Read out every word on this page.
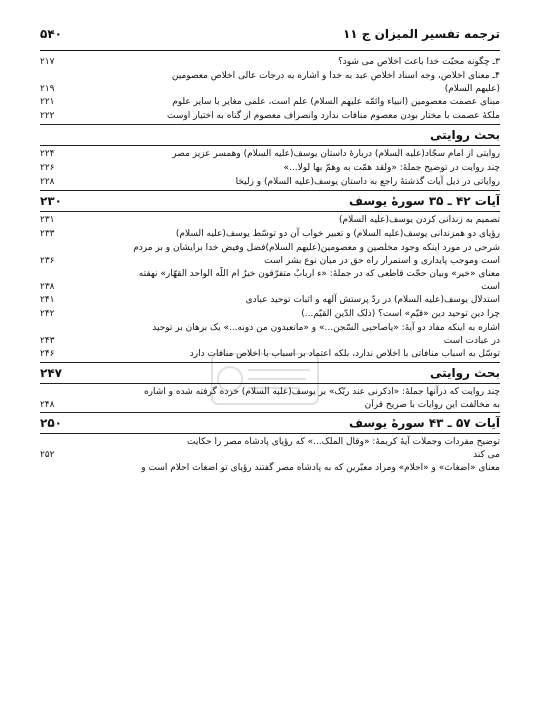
ترجمه تفسیر المیزان ج ۱۱
۵۴۰
۳ـ چگونه محبّت خدا باعث اخلاص می شود؟
۲۱۷
۴ـ معنای اخلاص، وجه اسناد اخلاص عبد به خدا و اشاره به درجات عالی اخلاص معصومین
(علیهم السلام)
۲۱۹
مبنای عصمت معصومین (انبیاء وائمّه علیهم السلام) علم است، علمی مغایر با سایر علوم
۲۲۱
ملکهٔ عصمت با مختار بودن معصوم منافات ندارد وانصراف معصوم از گناه به اختیار اوست
۲۲۲
بحث روایتی
روایتی از امام سجّاد(علیه السلام) دربارهٔ داستان یوسف(علیه السلام) وهمسر عزیز مصر
۲۲۴
چند روایت در توضیح جملهٔ: «ولقد همّت به وهمّ بها لولا...»
۲۲۶
روایاتی در ذیل آیات گذشتهٔ راجع به داستان یوسف(علیه السلام) و زلیخا
۲۲۸
آیات ۴۲ ـ ۳۵ سورهٔ یوسف
۲۳۰
تصمیم به زندانی کردن یوسف(علیه السلام)
۲۳۱
رؤیای دو همزندانی یوسف(علیه السلام) و تعبیر خواب آن دو توسّط یوسف(علیه السلام)
۲۳۳
شرحی در مورد اینکه وجود مخلصین و معصومین(علیهم السلام)فضل وفیض خدا برایشان و بر مردم
است وموجب پایداری و استمرار راه حق در میان نوع بشر است
۲۳۶
معنای «خیر» وبیان حجّت قاطعی که در جملهٔ: «ء اربابٌ متفرّقون خیرٌ ام اللّه الواحد القهّار» نهفته
است
۲۳۸
استدلال یوسف(علیه السلام) در ردّ پرستش آلهه و اثبات توحید عبادی
۲۴۱
چرا دین توحید دین «قیّم» است؟ (ذلک الدّین القیّم...)
۲۴۲
اشاره به اینکه مفاد دو آیهٔ: «یاصاحبی السّجن...» و «ماتعبدون من دونه...» یک برهان بر توحید
در عبادت است
۲۴۳
توسّل به اسباب منافاتی با اخلاص ندارد، بلکه اعتماد بر اسباب با اخلاص منافات دارد
۲۴۶
بحث روایتی
۲۴۷
چند روایت که درآنها جملهٔ: «اذکرنی عند ربّک» بر یوسف(علیه السلام) خرده گرفته شده و اشاره
به مخالفت این روایات با صریح قرآن
۲۴۸
آیات ۵۷ ـ ۴۳ سورهٔ یوسف
۲۵۰
توضیح مفردات وجملات آیهٔ کریمهٔ: «وقال الملک...» که رؤیای پادشاه مصر را حکایت
می کند
۲۵۲
معنای «اضغاث» و «احلام» ومراد معبّرین که به پادشاه مصر گفتند رؤیای تو اضغاث احلام است و
